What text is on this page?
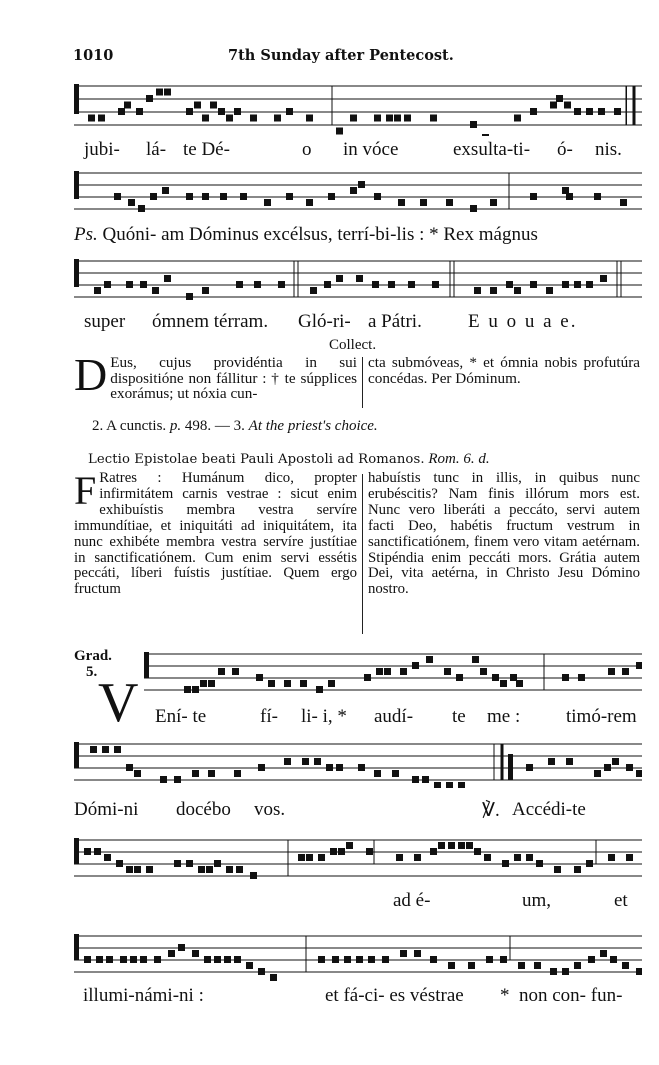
1010	7th Sunday after Pentecost.
jubi- lá- te Dé-	o in vóce	exsulta-ti- ó- nis.
Ps. Quóni- am Dóminus excélsus, terrí-bi-lis : * Rex mágnus
super ómnem térram. Gló-ri- a Pátri. E u o u a e.
Collect.
D Eus, cujus providéntia in sui dispositióne non fállitur : † te súpplices exorámus; ut nóxia cun-

cta submóveas, * et ómnia nobis profutúra concédas. Per Dóminum.

2. A cunctis. p. 498. — 3. At the priest's choice.
Lectio Epistolae beati Pauli Apostoli ad Romanos. Rom. 6. d.
F Ratres : Humánum dico, propter infirmitátem carnis vestrae : sicut enim exhibuístis membra vestra servíre immundítiae, et iniquitáti ad iniquitátem, ita nunc exhibéte membra vestra servíre justítiae in sanctificatiónem. Cum enim servi essétis peccáti, líberi fuístis justítiae. Quem ergo fructum

habuístis tunc in illis, in quibus nunc erubéscitis? Nam finis illórum mors est. Nunc vero liberáti a peccáto, servi autem facti Deo, habétis fructum vestrum in sanctificatiónem, finem vero vitam aetérnam. Stipéndia enim peccáti mors. Grátia autem Dei, vita aetérna, in Christo Jesu Dómino nostro.

Grad.
5. V Ení- te	fí- li- i, * audí- te me : timó-rem
Dómi-ni docébo vos.	℣. Accédi-te
ad é-	um,	et
illumi-námi-ni :	et fá-ci- es véstrae * non con- fun-
